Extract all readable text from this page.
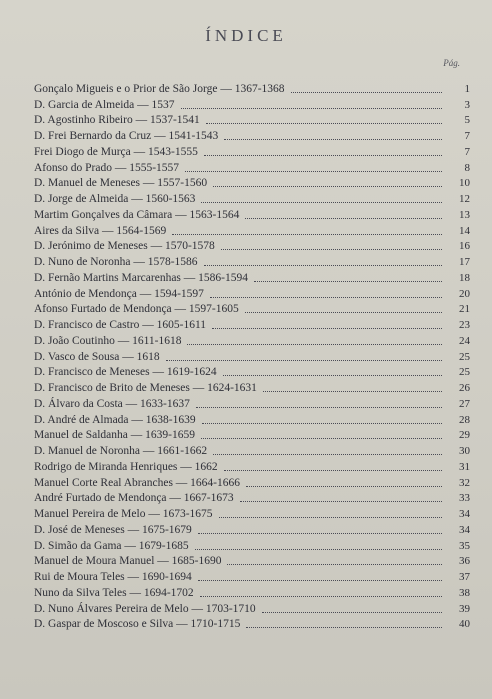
ÍNDICE
Pág.
Gonçalo Migueis e o Prior de São Jorge — 1367-1368	1
D. Garcia de Almeida — 1537	3
D. Agostinho Ribeiro — 1537-1541	5
D. Frei Bernardo da Cruz — 1541-1543	7
Frei Diogo de Murça — 1543-1555	7
Afonso do Prado — 1555-1557	8
D. Manuel de Meneses — 1557-1560	10
D. Jorge de Almeida — 1560-1563	12
Martim Gonçalves da Câmara — 1563-1564	13
Aires da Silva — 1564-1569	14
D. Jerónimo de Meneses — 1570-1578	16
D. Nuno de Noronha — 1578-1586	17
D. Fernão Martins Marcarenhas — 1586-1594	18
António de Mendonça — 1594-1597	20
Afonso Furtado de Mendonça — 1597-1605	21
D. Francisco de Castro — 1605-1611	23
D. João Coutinho — 1611-1618	24
D. Vasco de Sousa — 1618	25
D. Francisco de Meneses — 1619-1624	25
D. Francisco de Brito de Meneses — 1624-1631	26
D. Álvaro da Costa — 1633-1637	27
D. André de Almada — 1638-1639	28
Manuel de Saldanha — 1639-1659	29
D. Manuel de Noronha — 1661-1662	30
Rodrigo de Miranda Henriques — 1662	31
Manuel Corte Real Abranches — 1664-1666	32
André Furtado de Mendonça — 1667-1673	33
Manuel Pereira de Melo — 1673-1675	34
D. José de Meneses — 1675-1679	34
D. Simão da Gama — 1679-1685	35
Manuel de Moura Manuel — 1685-1690	36
Rui de Moura Teles — 1690-1694	37
Nuno da Silva Teles — 1694-1702	38
D. Nuno Álvares Pereira de Melo — 1703-1710	39
D. Gaspar de Moscoso e Silva — 1710-1715	40
